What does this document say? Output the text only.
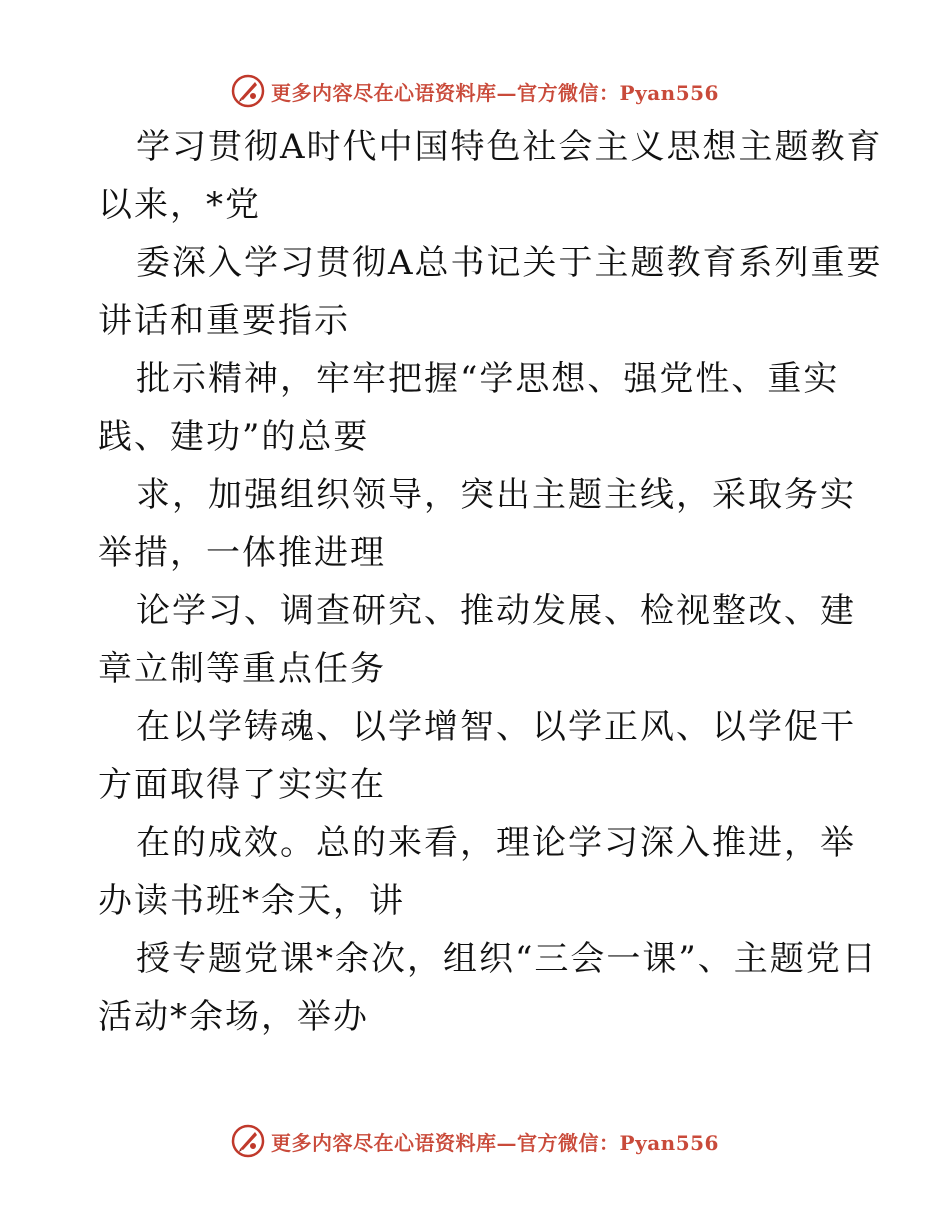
更多内容尽在心语资料库—官方微信：Pyan556

学习贯彻A时代中国特色社会主义思想主题教育以来，*党

委深入学习贯彻A总书记关于主题教育系列重要讲话和重要指示

批示精神，牢牢把握“学思想、强党性、重实践、建功”的总要

求，加强组织领导，突出主题主线，采取务实举措，一体推进理

论学习、调查研究、推动发展、检视整改、建章立制等重点任务

在以学铸魂、以学增智、以学正风、以学促干方面取得了实实在

在的成效。总的来看，理论学习深入推进，举办读书班*余天，讲

授专题党课*余次，组织“三会一课”、主题党日活动*余场，举办

更多内容尽在心语资料库—官方微信：Pyan556
